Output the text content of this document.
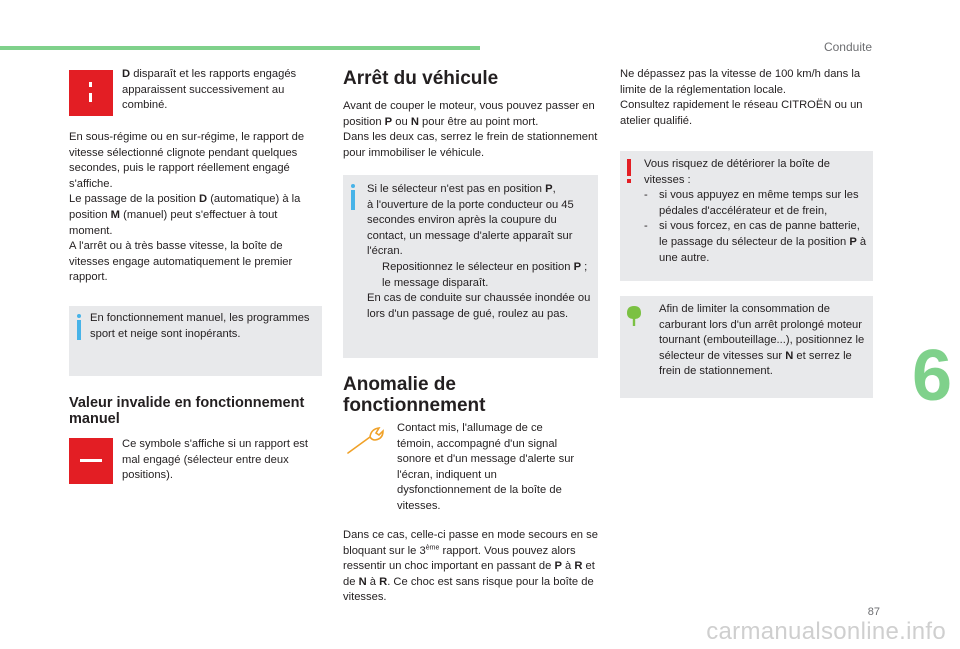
Conduite
D disparaît et les rapports engagés apparaissent successivement au combiné.
En sous-régime ou en sur-régime, le rapport de vitesse sélectionné clignote pendant quelques secondes, puis le rapport réellement engagé s'affiche.
Le passage de la position D (automatique) à la position M (manuel) peut s'effectuer à tout moment.
A l'arrêt ou à très basse vitesse, la boîte de vitesses engage automatiquement le premier rapport.
En fonctionnement manuel, les programmes sport et neige sont inopérants.
Valeur invalide en fonctionnement manuel
Ce symbole s'affiche si un rapport est mal engagé (sélecteur entre deux positions).
Arrêt du véhicule
Avant de couper le moteur, vous pouvez passer en position P ou N pour être au point mort.
Dans les deux cas, serrez le frein de stationnement pour immobiliser le véhicule.
Si le sélecteur n'est pas en position P,
à l'ouverture de la porte conducteur ou 45 secondes environ après la coupure du contact, un message d'alerte apparaît sur l'écran.
Repositionnez le sélecteur en position P ; le message disparaît.
En cas de conduite sur chaussée inondée ou lors d'un passage de gué, roulez au pas.
Anomalie de fonctionnement
Contact mis, l'allumage de ce témoin, accompagné d'un signal sonore et d'un message d'alerte sur l'écran, indiquent un dysfonctionnement de la boîte de vitesses.
Dans ce cas, celle-ci passe en mode secours en se bloquant sur le 3ème rapport. Vous pouvez alors ressentir un choc important en passant de P à R et de N à R. Ce choc est sans risque pour la boîte de vitesses.
Ne dépassez pas la vitesse de 100 km/h dans la limite de la réglementation locale.
Consultez rapidement le réseau CITROËN ou un atelier qualifié.
Vous risquez de détériorer la boîte de vitesses :
-	si vous appuyez en même temps sur les pédales d'accélérateur et de frein,
-	si vous forcez, en cas de panne batterie, le passage du sélecteur de la position P à une autre.
Afin de limiter la consommation de carburant lors d'un arrêt prolongé moteur tournant (embouteillage...), positionnez le sélecteur de vitesses sur N et serrez le frein de stationnement.	6
87
carmanualsonline.info
